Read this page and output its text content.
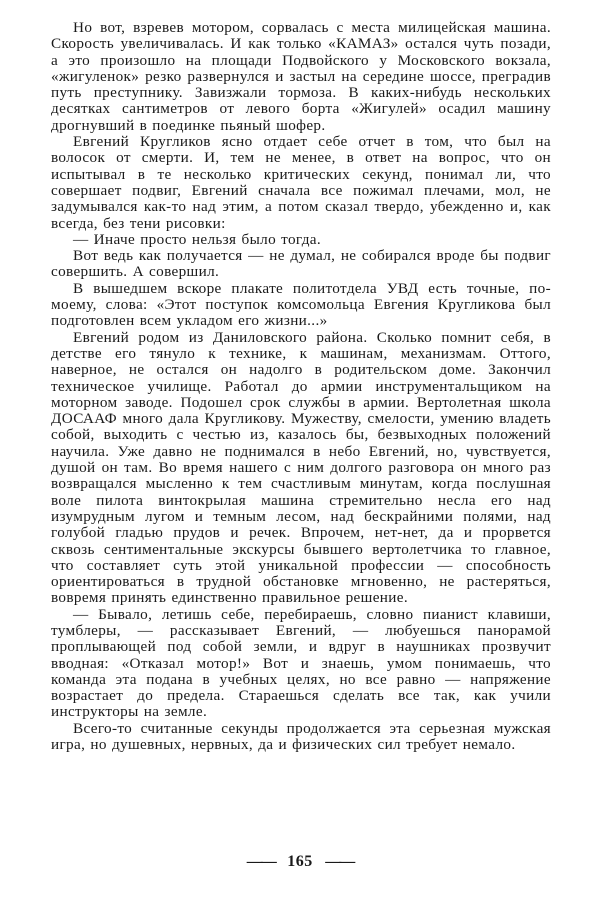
Но вот, взревев мотором, сорвалась с места милицейская машина. Скорость увеличивалась. И как только «КАМАЗ» остался чуть позади, а это произошло на площади Подвойского у Московского вокзала, «жигуленок» резко развернулся и застыл на середине шоссе, преградив путь преступнику. Завизжали тормоза. В каких-нибудь нескольких десятках сантиметров от левого борта «Жигулей» осадил машину дрогнувший в поединке пьяный шофер.

Евгений Кругликов ясно отдает себе отчет в том, что был на волосок от смерти. И, тем не менее, в ответ на вопрос, что он испытывал в те несколько критических секунд, понимал ли, что совершает подвиг, Евгений сначала все пожимал плечами, мол, не задумывался как-то над этим, а потом сказал твердо, убежденно и, как всегда, без тени рисовки:

— Иначе просто нельзя было тогда.

Вот ведь как получается — не думал, не собирался вроде бы подвиг совершить. А совершил.

В вышедшем вскоре плакате политотдела УВД есть точные, по-моему, слова: «Этот поступок комсомольца Евгения Кругликова был подготовлен всем укладом его жизни...»

Евгений родом из Даниловского района. Сколько помнит себя, в детстве его тянуло к технике, к машинам, механизмам. Оттого, наверное, не остался он надолго в родительском доме. Закончил техническое училище. Работал до армии инструментальщиком на моторном заводе. Подошел срок службы в армии. Вертолетная школа ДОСААФ много дала Кругликову. Мужеству, смелости, умению владеть собой, выходить с честью из, казалось бы, безвыходных положений научила. Уже давно не поднимался в небо Евгений, но, чувствуется, душой он там. Во время нашего с ним долгого разговора он много раз возвращался мысленно к тем счастливым минутам, когда послушная воле пилота винтокрылая машина стремительно несла его над изумрудным лугом и темным лесом, над бескрайними полями, над голубой гладью прудов и речек. Впрочем, нет-нет, да и прорвется сквозь сентиментальные экскурсы бывшего вертолетчика то главное, что составляет суть этой уникальной профессии — способность ориентироваться в трудной обстановке мгновенно, не растеряться, вовремя принять единственно правильное решение.

— Бывало, летишь себе, перебираешь, словно пианист клавиши, тумблеры, — рассказывает Евгений, — любуешься панорамой проплывающей под собой земли, и вдруг в наушниках прозвучит вводная: «Отказал мотор!» Вот и знаешь, умом понимаешь, что команда эта подана в учебных целях, но все равно — напряжение возрастает до предела. Стараешься сделать все так, как учили инструкторы на земле.

Всего-то считанные секунды продолжается эта серьезная мужская игра, но душевных, нервных, да и физических сил требует немало.

—— 165 ——
